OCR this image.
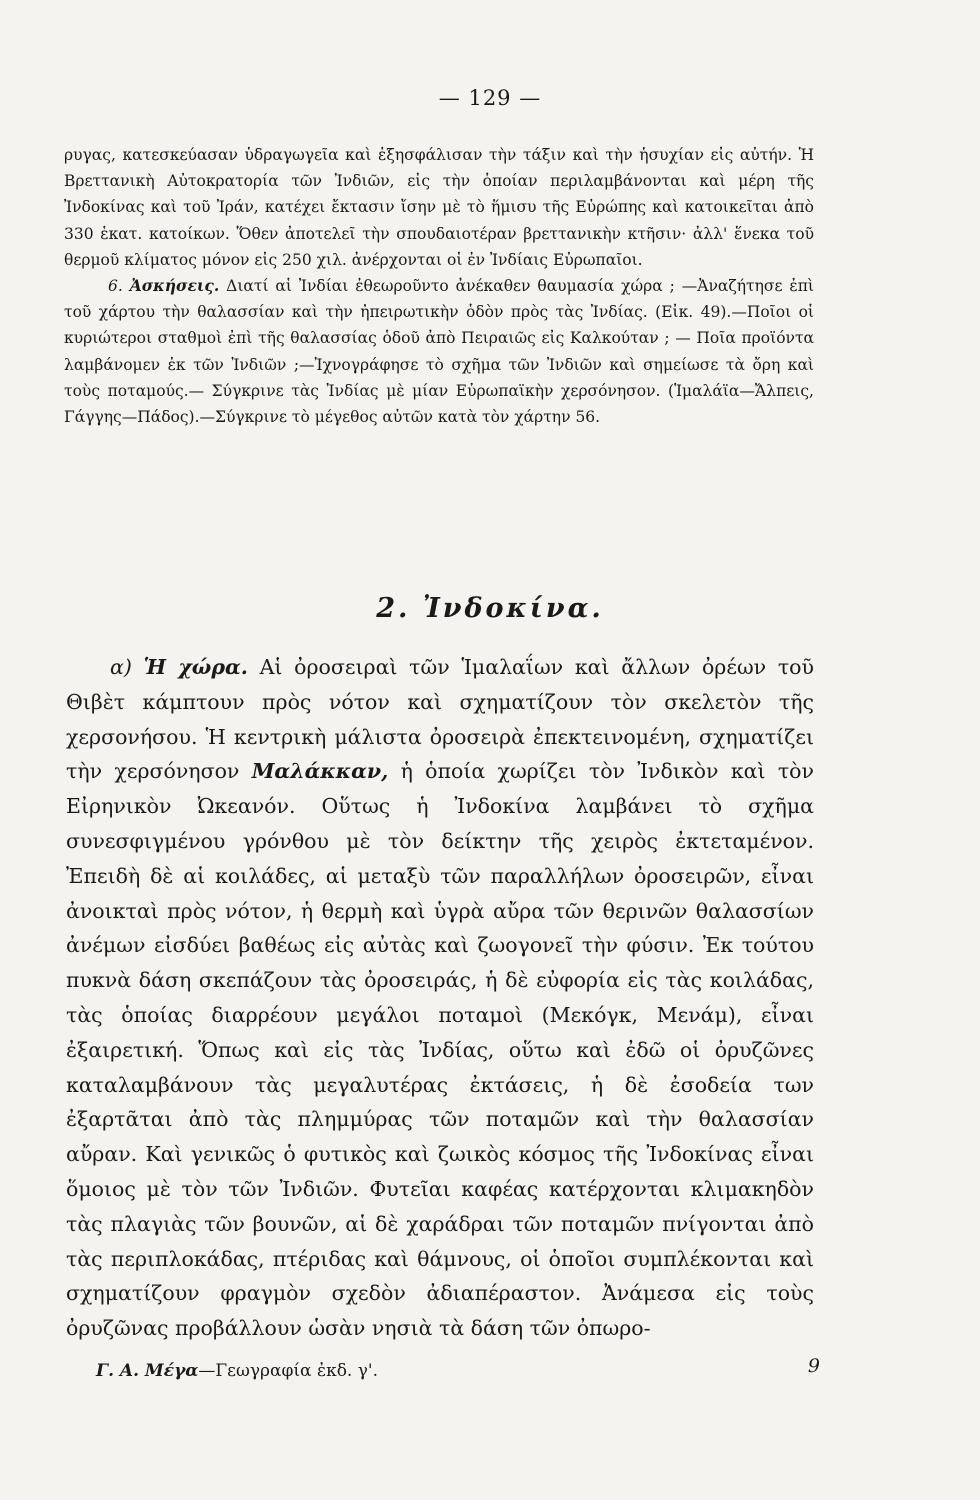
— 129 —

ρυγας, κατεσκεύασαν ὑδραγωγεῖα καὶ ἐξησφάλισαν τὴν τάξιν καὶ τὴν ἡσυχίαν εἰς αὐτήν. Ἡ Βρεττανικὴ Αὐτοκρατορία τῶν Ἰνδιῶν, εἰς τὴν ὁποίαν περιλαμβάνονται καὶ μέρη τῆς Ἰνδοκίνας καὶ τοῦ Ἰράν, κατέχει ἔκτασιν ἴσην μὲ τὸ ἥμισυ τῆς Εὐρώπης καὶ κατοικεῖται ἀπὸ 330 ἑκατ. κατοίκων. Ὅθεν ἀποτελεῖ τὴν σπουδαιοτέραν βρεττανικὴν κτῆσιν· ἀλλ' ἕνεκα τοῦ θερμοῦ κλίματος μόνον εἰς 250 χιλ. ἀνέρχονται οἱ ἐν Ἰνδίαις Εὐρωπαῖοι.

6. Ἀσκήσεις. Διατί αἱ Ἰνδίαι ἐθεωροῦντο ἀνέκαθεν θαυμασία χώρα ; —Ἀναζήτησε ἐπὶ τοῦ χάρτου τὴν θαλασσίαν καὶ τὴν ἠπειρωτικὴν ὁδὸν πρὸς τὰς Ἰνδίας. (Εἰκ. 49).—Ποῖοι οἱ κυριώτεροι σταθμοὶ ἐπὶ τῆς θαλασσίας ὁδοῦ ἀπὸ Πειραιῶς εἰς Καλκούταν ; — Ποῖα προϊόντα λαμβάνομεν ἐκ τῶν Ἰνδιῶν ;—Ἰχνογράφησε τὸ σχῆμα τῶν Ἰνδιῶν καὶ σημείωσε τὰ ὄρη καὶ τοὺς ποταμούς.— Σύγκρινε τὰς Ἰνδίας μὲ μίαν Εὐρωπαϊκὴν χερσόνησον. (Ἱμαλάϊα—Ἄλπεις, Γάγγης—Πάδος).—Σύγκρινε τὸ μέγεθος αὐτῶν κατὰ τὸν χάρτην 56.

2. Ἰνδοκίνα.

α) Ἡ χώρα. Αἱ ὀροσειραὶ τῶν Ἱμαλαΐων καὶ ἄλλων ὀρέων τοῦ Θιβὲτ κάμπτουν πρὸς νότον καὶ σχηματίζουν τὸν σκελετὸν τῆς χερσονήσου. Ἡ κεντρικὴ μάλιστα ὀροσειρὰ ἐπεκτεινομένη, σχηματίζει τὴν χερσόνησον Μαλάκκαν, ἡ ὁποία χωρίζει τὸν Ἰνδικὸν καὶ τὸν Εἰρηνικὸν Ὠκεανόν. Οὕτως ἡ Ἰνδοκίνα λαμβάνει τὸ σχῆμα συνεσφιγμένου γρόνθου μὲ τὸν δείκτην τῆς χειρὸς ἐκτεταμένον. Ἐπειδὴ δὲ αἱ κοιλάδες, αἱ μεταξὺ τῶν παραλλήλων ὀροσειρῶν, εἶναι ἀνοικταὶ πρὸς νότον, ἡ θερμὴ καὶ ὑγρὰ αὔρα τῶν θερινῶν θαλασσίων ἀνέμων εἰσδύει βαθέως εἰς αὐτὰς καὶ ζωογονεῖ τὴν φύσιν. Ἐκ τούτου πυκνὰ δάση σκεπάζουν τὰς ὀροσειράς, ἡ δὲ εὐφορία εἰς τὰς κοιλάδας, τὰς ὁποίας διαρρέουν μεγάλοι ποταμοὶ (Μεκόγκ, Μενάμ), εἶναι ἐξαιρετική. Ὅπως καὶ εἰς τὰς Ἰνδίας, οὕτω καὶ ἐδῶ οἱ ὀρυζῶνες καταλαμβάνουν τὰς μεγαλυτέρας ἐκτάσεις, ἡ δὲ ἐσοδεία των ἐξαρτᾶται ἀπὸ τὰς πλημμύρας τῶν ποταμῶν καὶ τὴν θαλασσίαν αὔραν. Καὶ γενικῶς ὁ φυτικὸς καὶ ζωικὸς κόσμος τῆς Ἰνδοκίνας εἶναι ὅμοιος μὲ τὸν τῶν Ἰνδιῶν. Φυτεῖαι καφέας κατέρχονται κλιμακηδὸν τὰς πλαγιὰς τῶν βουνῶν, αἱ δὲ χαράδραι τῶν ποταμῶν πνίγονται ἀπὸ τὰς περιπλοκάδας, πτέριδας καὶ θάμνους, οἱ ὁποῖοι συμπλέκονται καὶ σχηματίζουν φραγμὸν σχεδὸν ἀδιαπέραστον. Ἀνάμεσα εἰς τοὺς ὀρυζῶνας προβάλλουν ὡσὰν νησιὰ τὰ δάση τῶν ὀπωρο-

Γ. Α. Μέγα—Γεωγραφία ἐκδ. γ'.	9
